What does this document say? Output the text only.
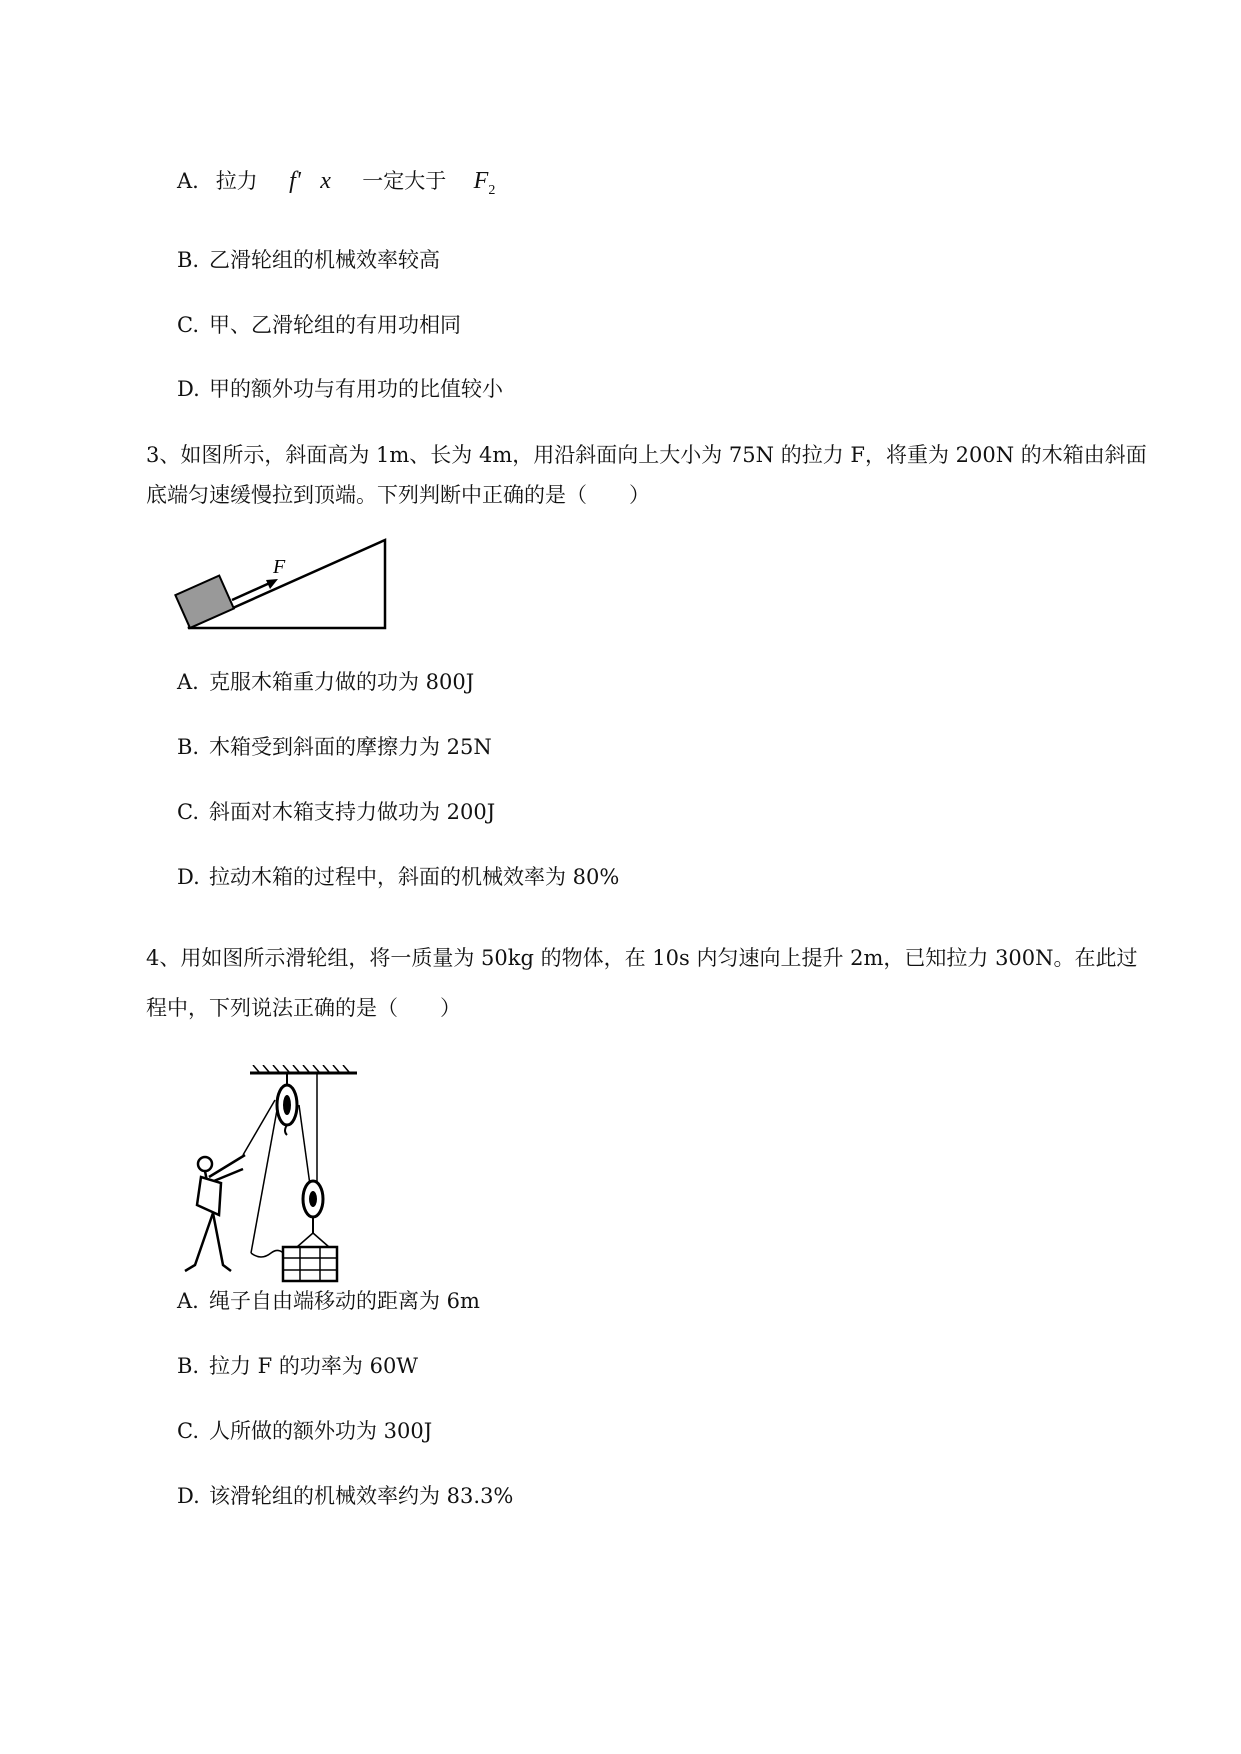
A. 拉力 f' x 一定大于 $F_2$
B. 乙滑轮组的机械效率较高
C. 甲、乙滑轮组的有用功相同
D. 甲的额外功与有用功的比值较小
3、如图所示，斜面高为 1m、长为 4m，用沿斜面向上大小为 75N 的拉力 F，将重为 200N 的木箱由斜面
底端匀速缓慢拉到顶端。下列判断中正确的是（　　）
F
A. 克服木箱重力做的功为 800J
B. 木箱受到斜面的摩擦力为 25N
C. 斜面对木箱支持力做功为 200J
D. 拉动木箱的过程中，斜面的机械效率为 80%
4、用如图所示滑轮组，将一质量为 50kg 的物体，在 10s 内匀速向上提升 2m，已知拉力 300N。在此过
程中，下列说法正确的是（　　）
A. 绳子自由端移动的距离为 6m
B. 拉力 F 的功率为 60W
C. 人所做的额外功为 300J
D. 该滑轮组的机械效率约为 83.3%
